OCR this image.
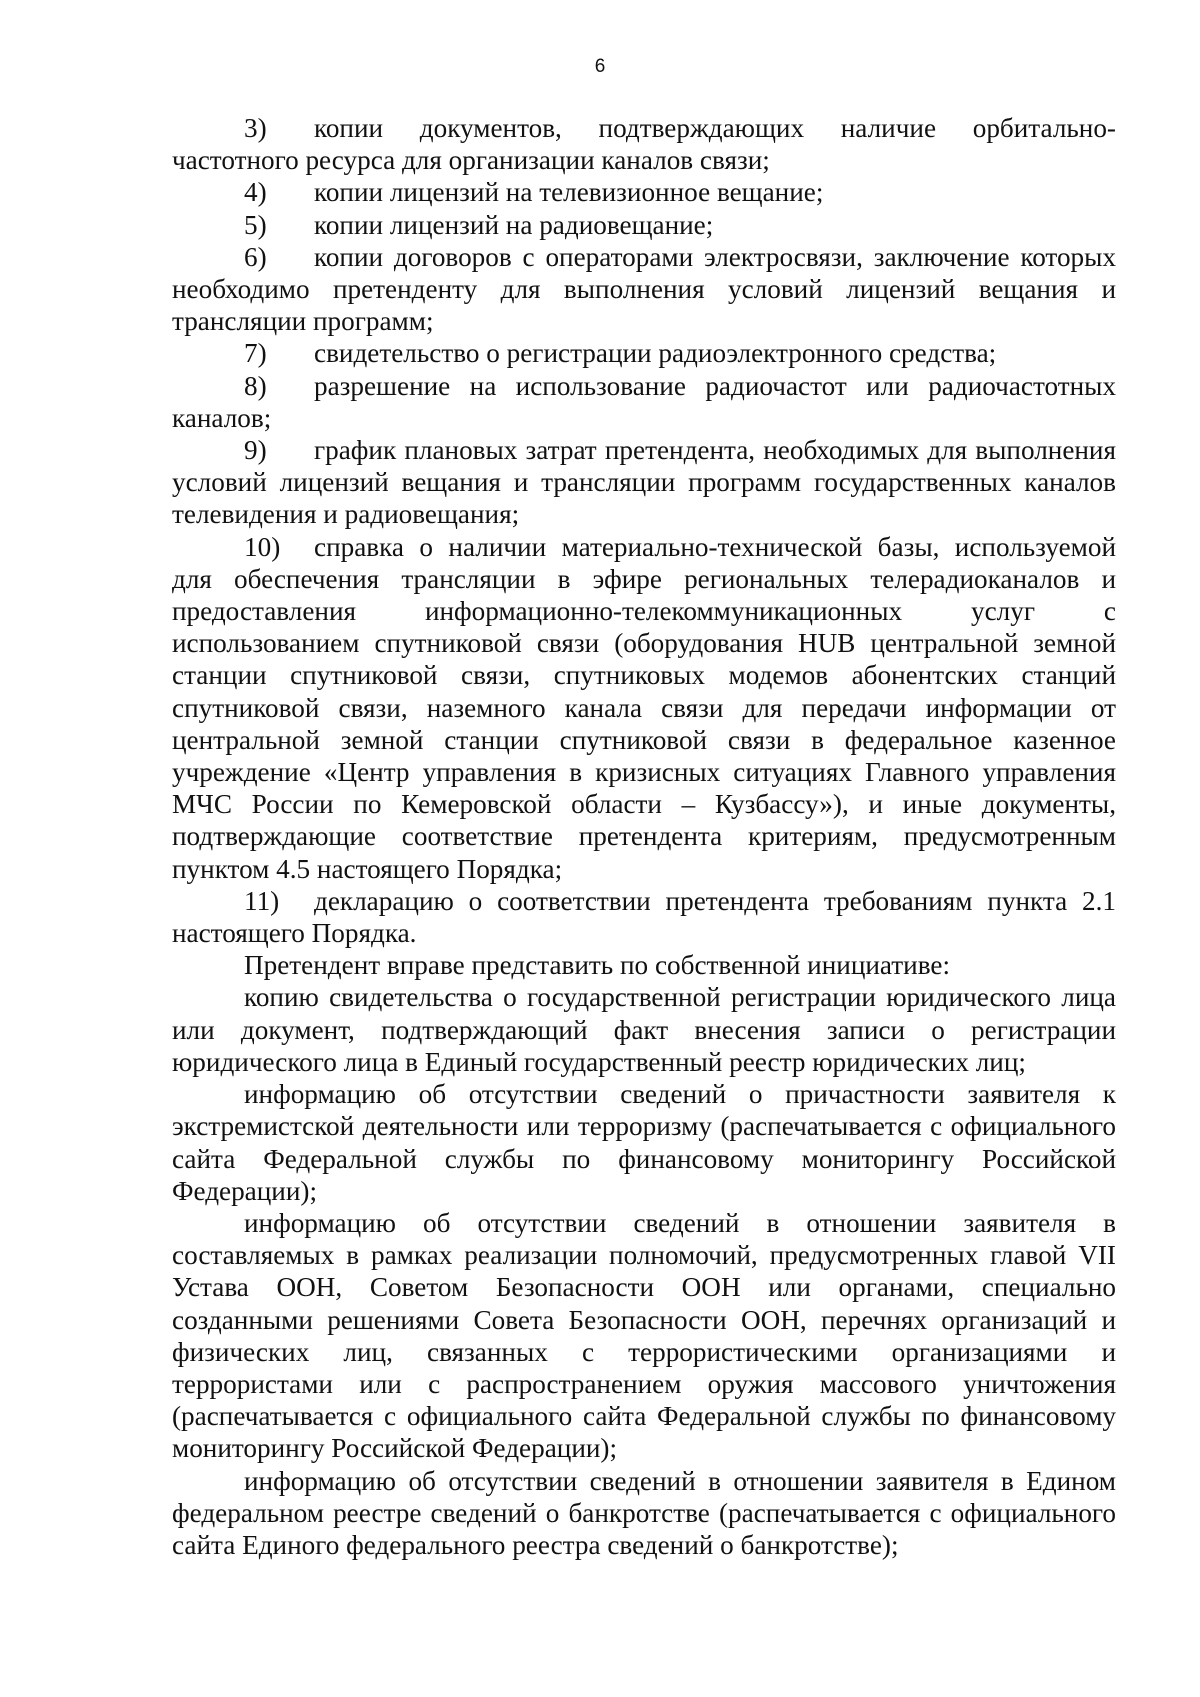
6

3) копии документов, подтверждающих наличие орбитально-частотного ресурса для организации каналов связи;

4) копии лицензий на телевизионное вещание;

5) копии лицензий на радиовещание;

6) копии договоров с операторами электросвязи, заключение которых необходимо претенденту для выполнения условий лицензий вещания и трансляции программ;

7) свидетельство о регистрации радиоэлектронного средства;

8) разрешение на использование радиочастот или радиочастотных каналов;

9) график плановых затрат претендента, необходимых для выполнения условий лицензий вещания и трансляции программ государственных каналов телевидения и радиовещания;

10) справка о наличии материально-технической базы, используемой для обеспечения трансляции в эфире региональных телерадиоканалов и предоставления информационно-телекоммуникационных услуг с использованием спутниковой связи (оборудования HUB центральной земной станции спутниковой связи, спутниковых модемов абонентских станций спутниковой связи, наземного канала связи для передачи информации от центральной земной станции спутниковой связи в федеральное казенное учреждение «Центр управления в кризисных ситуациях Главного управления МЧС России по Кемеровской области – Кузбассу»), и иные документы, подтверждающие соответствие претендента критериям, предусмотренным пунктом 4.5 настоящего Порядка;

11) декларацию о соответствии претендента требованиям пункта 2.1 настоящего Порядка.

Претендент вправе представить по собственной инициативе:

копию свидетельства о государственной регистрации юридического лица или документ, подтверждающий факт внесения записи о регистрации юридического лица в Единый государственный реестр юридических лиц;

информацию об отсутствии сведений о причастности заявителя к экстремистской деятельности или терроризму (распечатывается с официального сайта Федеральной службы по финансовому мониторингу Российской Федерации);

информацию об отсутствии сведений в отношении заявителя в составляемых в рамках реализации полномочий, предусмотренных главой VII Устава ООН, Советом Безопасности ООН или органами, специально созданными решениями Совета Безопасности ООН, перечнях организаций и физических лиц, связанных с террористическими организациями и террористами или с распространением оружия массового уничтожения (распечатывается с официального сайта Федеральной службы по финансовому мониторингу Российской Федерации);

информацию об отсутствии сведений в отношении заявителя в Едином федеральном реестре сведений о банкротстве (распечатывается с официального сайта Единого федерального реестра сведений о банкротстве);
